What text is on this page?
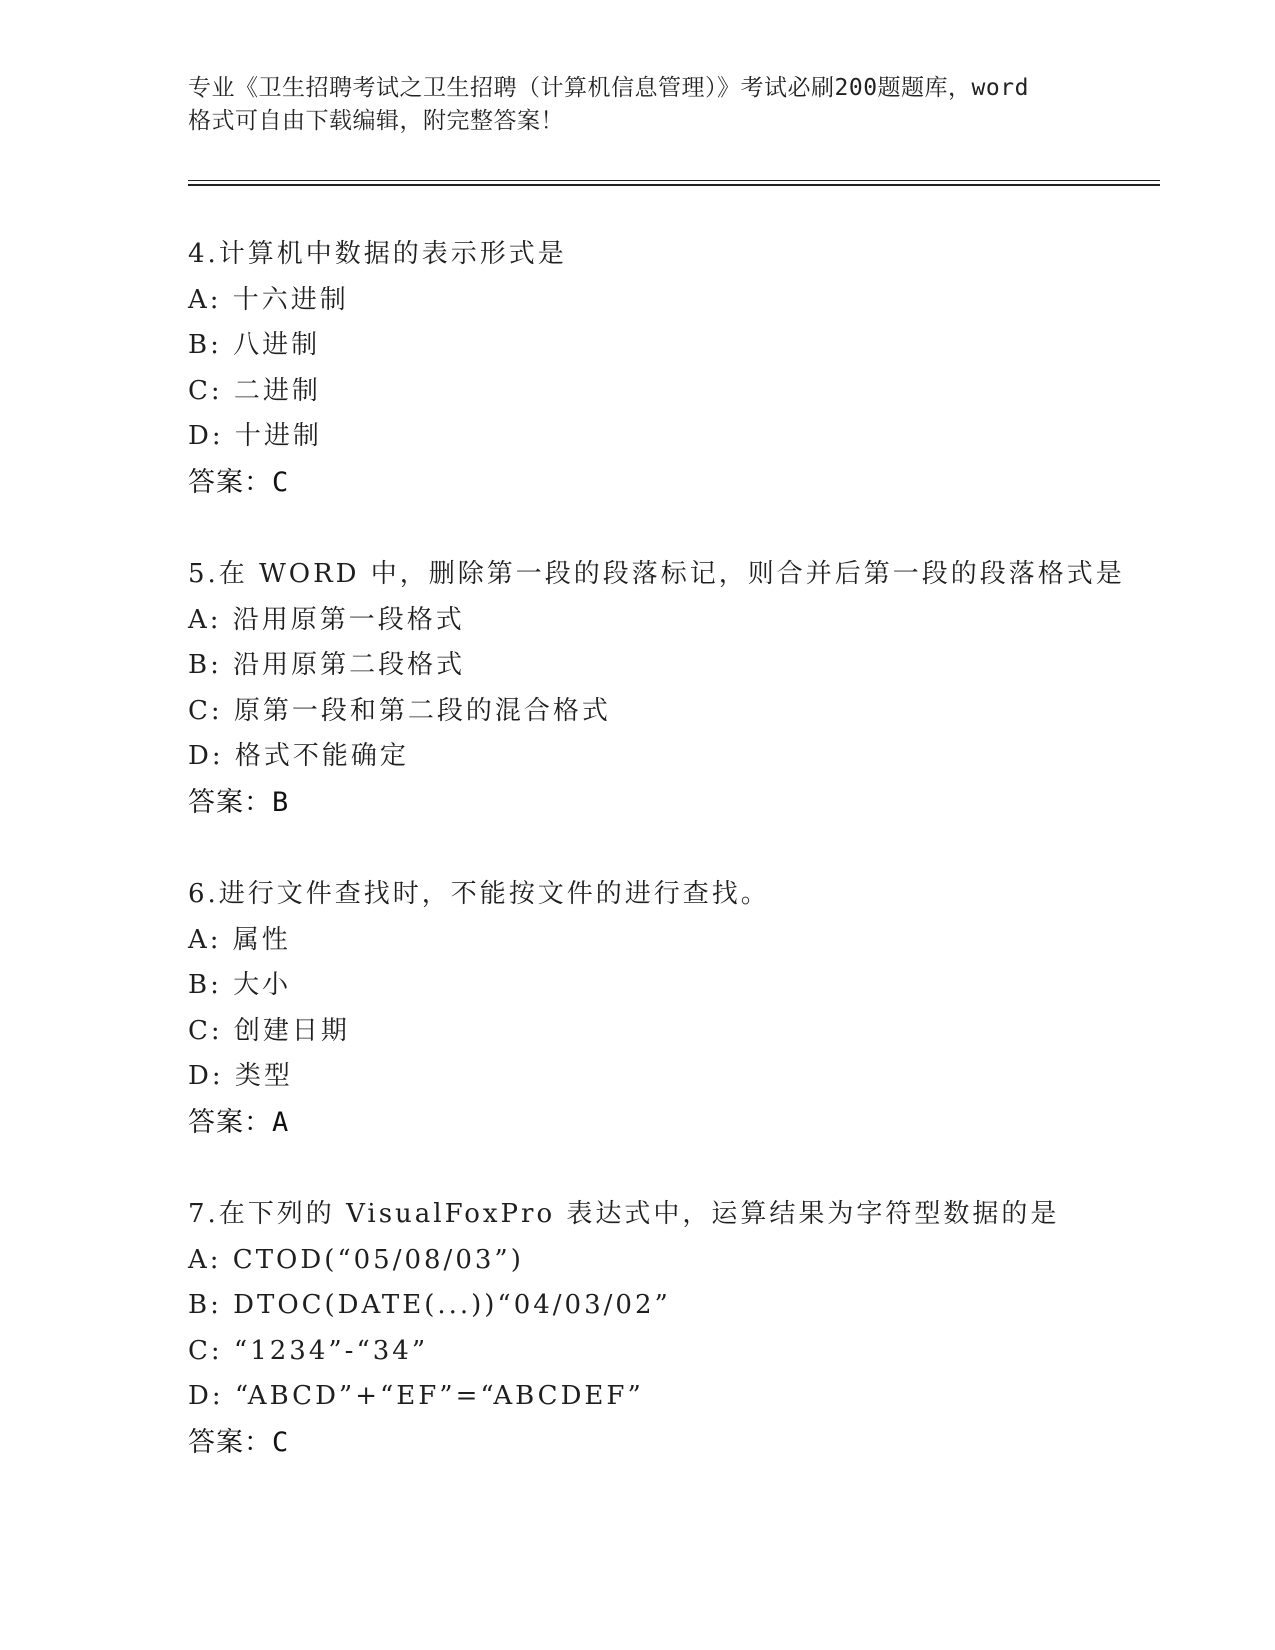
专业《卫生招聘考试之卫生招聘（计算机信息管理）》考试必刷200题题库，word
格式可自由下载编辑，附完整答案！
4.计算机中数据的表示形式是
A: 十六进制
B: 八进制
C: 二进制
D: 十进制
答案：C
5.在 WORD 中，删除第一段的段落标记，则合并后第一段的段落格式是
A: 沿用原第一段格式
B: 沿用原第二段格式
C: 原第一段和第二段的混合格式
D: 格式不能确定
答案：B
6.进行文件查找时，不能按文件的进行查找。
A: 属性
B: 大小
C: 创建日期
D: 类型
答案：A
7.在下列的 VisualFoxPro 表达式中，运算结果为字符型数据的是
A: CTOD(“05/08/03”)
B: DTOC(DATE(...))“04/03/02”
C: “1234”-“34”
D: “ABCD”+“EF”=“ABCDEF”
答案：C
